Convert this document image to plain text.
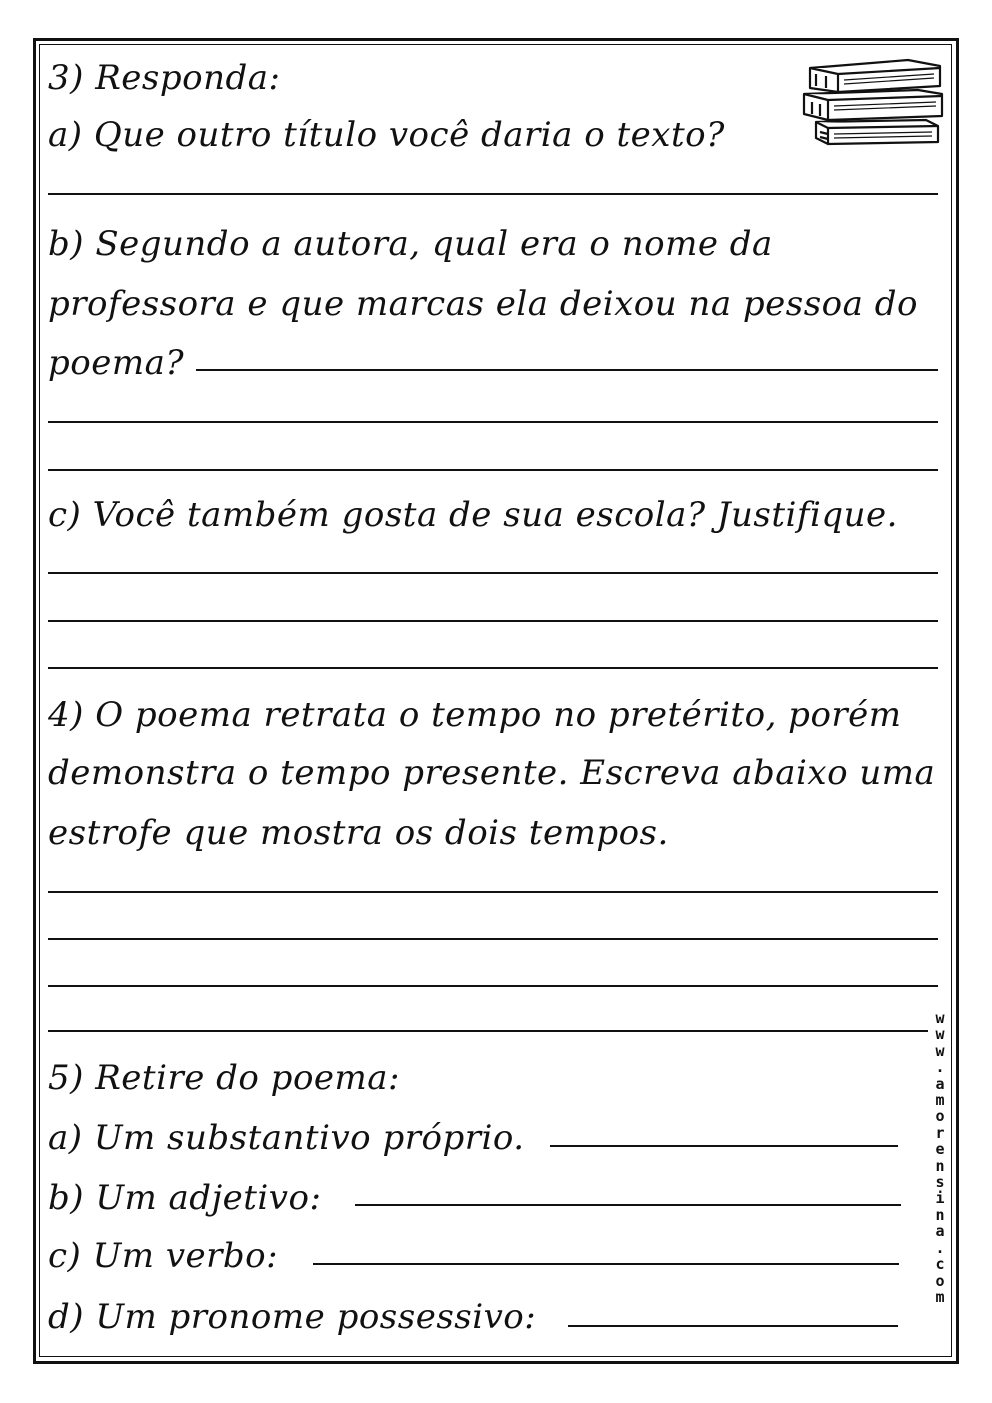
3) Responda:
a) Que outro título você daria o texto?
b) Segundo a autora, qual era o nome da
professora e que marcas ela deixou na pessoa do
poema?
c) Você também gosta de sua escola? Justifique.
4) O poema retrata o tempo no pretérito, porém
demonstra o tempo presente. Escreva abaixo uma
estrofe que mostra os dois tempos.
5) Retire do poema:
a) Um substantivo próprio.
b) Um adjetivo:
c) Um verbo:
d) Um pronome possessivo:
w
w
w
.
a
m
o
r
e
n
s
i
n
a
.
c
o
m
